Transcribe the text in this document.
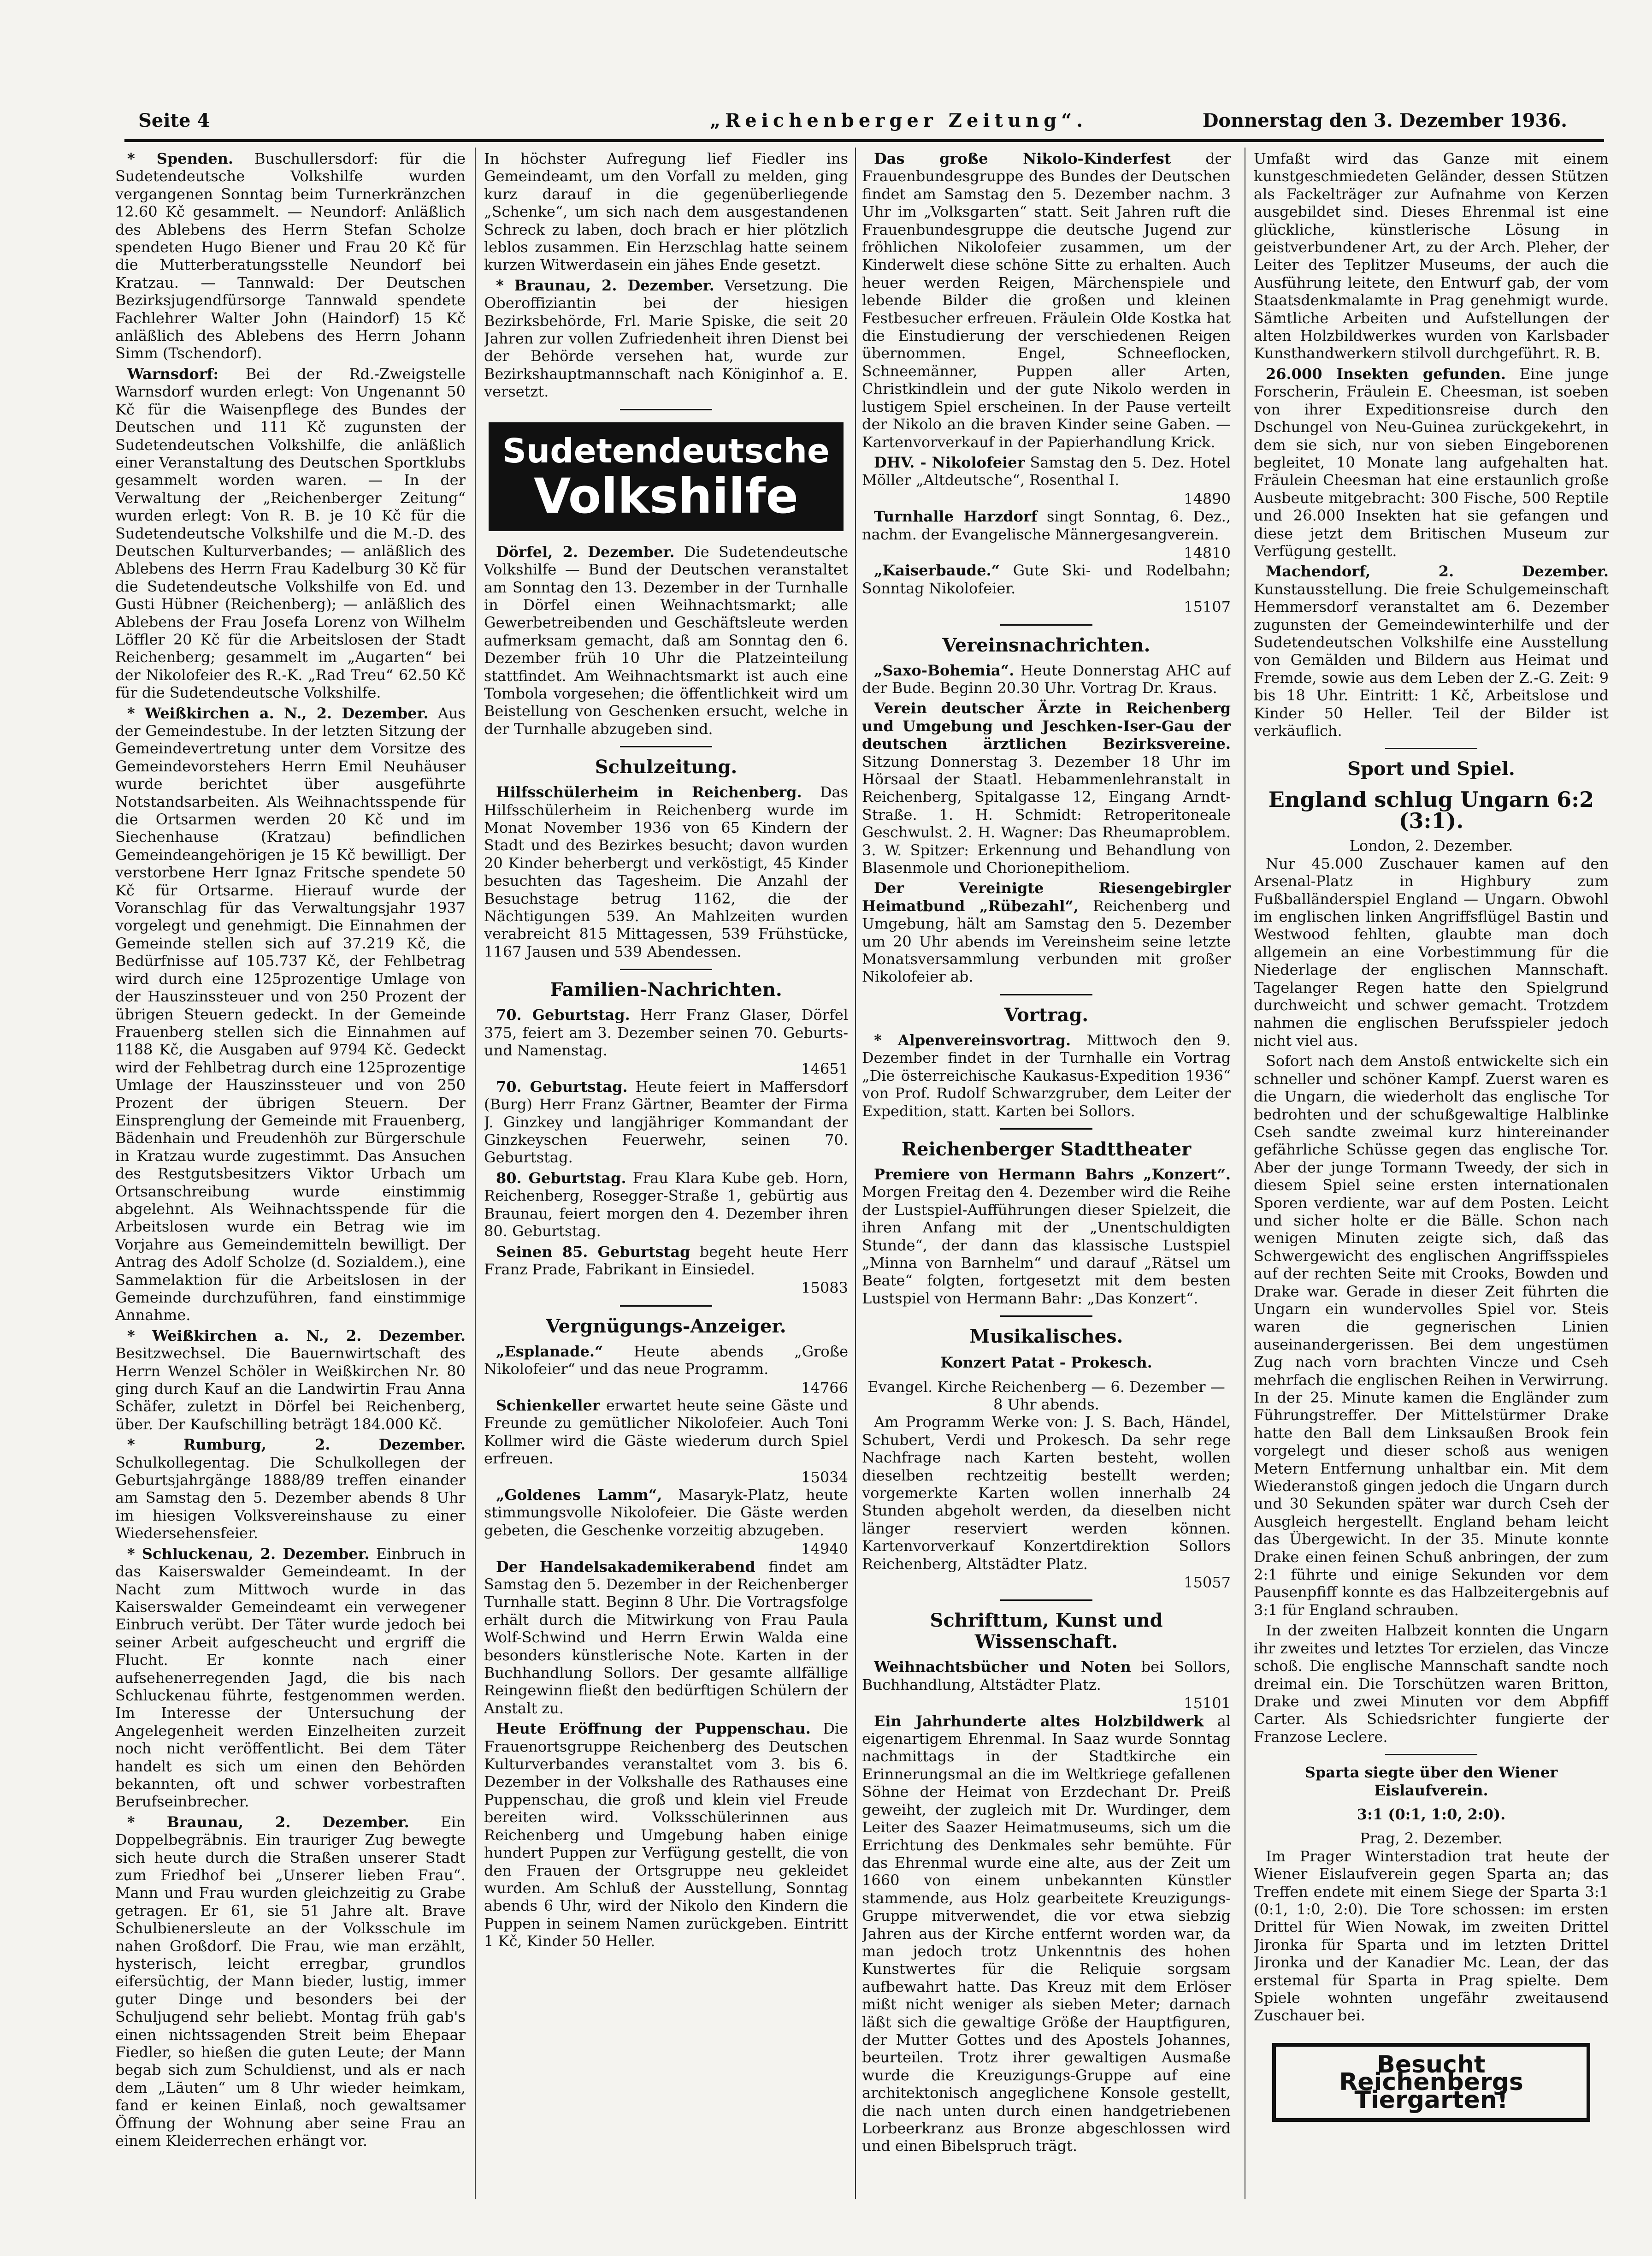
Seite 4	„Reichenberger Zeitung“.	Donnerstag den 3. Dezember 1936.

* Spenden. Buschullersdorf: für die Sudetendeutsche Volkshilfe wurden vergangenen Sonntag beim Turnerkränzchen 12.60 Kč gesammelt. — Neundorf: Anläßlich des Ablebens des Herrn Stefan Scholze spendeten Hugo Biener und Frau 20 Kč für die Mutterberatungsstelle Neundorf bei Kratzau. — Tannwald: Der Deutschen Bezirksjugendfürsorge Tannwald spendete Fachlehrer Walter John (Haindorf) 15 Kč anläßlich des Ablebens des Herrn Johann Simm (Tschendorf).

Warnsdorf: Bei der Rd.-Zweigstelle Warnsdorf wurden erlegt: Von Ungenannt 50 Kč für die Waisenpflege des Bundes der Deutschen und 111 Kč zugunsten der Sudetendeutschen Volkshilfe, die anläßlich einer Veranstaltung des Deutschen Sportklubs gesammelt worden waren. — In der Verwaltung der „Reichenberger Zeitung“ wurden erlegt: Von R. B. je 10 Kč für die Sudetendeutsche Volkshilfe und die M.-D. des Deutschen Kulturverbandes; — anläßlich des Ablebens des Herrn Frau Kadelburg 30 Kč für die Sudetendeutsche Volkshilfe von Ed. und Gusti Hübner (Reichenberg); — anläßlich des Ablebens der Frau Josefa Lorenz von Wilhelm Löffler 20 Kč für die Arbeitslosen der Stadt Reichenberg; gesammelt im „Augarten“ bei der Nikolofeier des R.-K. „Rad Treu“ 62.50 Kč für die Sudetendeutsche Volkshilfe.

* Weißkirchen a. N., 2. Dezember. Aus der Gemeindestube. In der letzten Sitzung der Gemeindevertretung unter dem Vorsitze des Gemeindevorstehers Herrn Emil Neuhäuser wurde berichtet über ausgeführte Notstandsarbeiten. Als Weihnachtsspende für die Ortsarmen werden 20 Kč und im Siechenhause (Kratzau) befindlichen Gemeindeangehörigen je 15 Kč bewilligt. Der verstorbene Herr Ignaz Fritsche spendete 50 Kč für Ortsarme. Hierauf wurde der Voranschlag für das Verwaltungsjahr 1937 vorgelegt und genehmigt. Die Einnahmen der Gemeinde stellen sich auf 37.219 Kč, die Bedürfnisse auf 105.737 Kč, der Fehlbetrag wird durch eine 125prozentige Umlage von der Hauszinssteuer und von 250 Prozent der übrigen Steuern gedeckt. In der Gemeinde Frauenberg stellen sich die Einnahmen auf 1188 Kč, die Ausgaben auf 9794 Kč. Gedeckt wird der Fehlbetrag durch eine 125prozentige Umlage der Hauszinssteuer und von 250 Prozent der übrigen Steuern. Der Einsprenglung der Gemeinde mit Frauenberg, Bädenhain und Freudenhöh zur Bürgerschule in Kratzau wurde zugestimmt. Das Ansuchen des Restgutsbesitzers Viktor Urbach um Ortsanschreibung wurde einstimmig abgelehnt. Als Weihnachtsspende für die Arbeitslosen wurde ein Betrag wie im Vorjahre aus Gemeindemitteln bewilligt. Der Antrag des Adolf Scholze (d. Sozialdem.), eine Sammelaktion für die Arbeitslosen in der Gemeinde durchzuführen, fand einstimmige Annahme.

* Weißkirchen a. N., 2. Dezember. Besitzwechsel. Die Bauernwirtschaft des Herrn Wenzel Schöler in Weißkirchen Nr. 80 ging durch Kauf an die Landwirtin Frau Anna Schäfer, zuletzt in Dörfel bei Reichenberg, über. Der Kaufschilling beträgt 184.000 Kč.

* Rumburg, 2. Dezember. Schulkollegentag. Die Schulkollegen der Geburtsjahrgänge 1888/89 treffen einander am Samstag den 5. Dezember abends 8 Uhr im hiesigen Volksvereinshause zu einer Wiedersehensfeier.

* Schluckenau, 2. Dezember. Einbruch in das Kaiserswalder Gemeindeamt. In der Nacht zum Mittwoch wurde in das Kaiserswalder Gemeindeamt ein verwegener Einbruch verübt. Der Täter wurde jedoch bei seiner Arbeit aufgescheucht und ergriff die Flucht. Er konnte nach einer aufsehenerregenden Jagd, die bis nach Schluckenau führte, festgenommen werden. Im Interesse der Untersuchung der Angelegenheit werden Einzelheiten zurzeit noch nicht veröffentlicht. Bei dem Täter handelt es sich um einen den Behörden bekannten, oft und schwer vorbestraften Berufseinbrecher.

* Braunau, 2. Dezember. Ein Doppelbegräbnis. Ein trauriger Zug bewegte sich heute durch die Straßen unserer Stadt zum Friedhof bei „Unserer lieben Frau“. Mann und Frau wurden gleichzeitig zu Grabe getragen. Er 61, sie 51 Jahre alt. Brave Schulbienersleute an der Volksschule im nahen Großdorf. Die Frau, wie man erzählt, hysterisch, leicht erregbar, grundlos eifersüchtig, der Mann bieder, lustig, immer guter Dinge und besonders bei der Schuljugend sehr beliebt. Montag früh gab's einen nichtssagenden Streit beim Ehepaar Fiedler, so hießen die guten Leute; der Mann begab sich zum Schuldienst, und als er nach dem „Läuten“ um 8 Uhr wieder heimkam, fand er keinen Einlaß, noch gewaltsamer Öffnung der Wohnung aber seine Frau an einem Kleiderrechen erhängt vor.

In höchster Aufregung lief Fiedler ins Gemeindeamt, um den Vorfall zu melden, ging kurz darauf in die gegenüberliegende „Schenke“, um sich nach dem ausgestandenen Schreck zu laben, doch brach er hier plötzlich leblos zusammen. Ein Herzschlag hatte seinem kurzen Witwerdasein ein jähes Ende gesetzt.

* Braunau, 2. Dezember. Versetzung. Die Oberoffiziantin bei der hiesigen Bezirksbehörde, Frl. Marie Spiske, die seit 20 Jahren zur vollen Zufriedenheit ihren Dienst bei der Behörde versehen hat, wurde zur Bezirkshauptmannschaft nach Königinhof a. E. versetzt.

Sudetendeutsche
Volkshilfe

Dörfel, 2. Dezember. Die Sudetendeutsche Volkshilfe — Bund der Deutschen veranstaltet am Sonntag den 13. Dezember in der Turnhalle in Dörfel einen Weihnachtsmarkt; alle Gewerbetreibenden und Geschäftsleute werden aufmerksam gemacht, daß am Sonntag den 6. Dezember früh 10 Uhr die Platzeinteilung stattfindet. Am Weihnachtsmarkt ist auch eine Tombola vorgesehen; die öffentlichkeit wird um Beistellung von Geschenken ersucht, welche in der Turnhalle abzugeben sind.

Schulzeitung.

Hilfsschülerheim in Reichenberg. Das Hilfsschülerheim in Reichenberg wurde im Monat November 1936 von 65 Kindern der Stadt und des Bezirkes besucht; davon wurden 20 Kinder beherbergt und verköstigt, 45 Kinder besuchten das Tagesheim. Die Anzahl der Besuchstage betrug 1162, die der Nächtigungen 539. An Mahlzeiten wurden verabreicht 815 Mittagessen, 539 Frühstücke, 1167 Jausen und 539 Abendessen.

Familien-Nachrichten.

70. Geburtstag. Herr Franz Glaser, Dörfel 375, feiert am 3. Dezember seinen 70. Geburts- und Namenstag.

14651

70. Geburtstag. Heute feiert in Maffersdorf (Burg) Herr Franz Gärtner, Beamter der Firma J. Ginzkey und langjähriger Kommandant der Ginzkeyschen Feuerwehr, seinen 70. Geburtstag.

80. Geburtstag. Frau Klara Kube geb. Horn, Reichenberg, Rosegger-Straße 1, gebürtig aus Braunau, feiert morgen den 4. Dezember ihren 80. Geburtstag.

Seinen 85. Geburtstag begeht heute Herr Franz Prade, Fabrikant in Einsiedel.

15083
Vergnügungs-Anzeiger.

„Esplanade.“ Heute abends „Große Nikolofeier“ und das neue Programm.

14766

Schienkeller erwartet heute seine Gäste und Freunde zu gemütlicher Nikolofeier. Auch Toni Kollmer wird die Gäste wiederum durch Spiel erfreuen.

15034

„Goldenes Lamm“, Masaryk-Platz, heute stimmungsvolle Nikolofeier. Die Gäste werden gebeten, die Geschenke vorzeitig abzugeben.

14940

Der Handelsakademikerabend findet am Samstag den 5. Dezember in der Reichenberger Turnhalle statt. Beginn 8 Uhr. Die Vortragsfolge erhält durch die Mitwirkung von Frau Paula Wolf-Schwind und Herrn Erwin Walda eine besonders künstlerische Note. Karten in der Buchhandlung Sollors. Der gesamte allfällige Reingewinn fließt den bedürftigen Schülern der Anstalt zu.

Heute Eröffnung der Puppenschau. Die Frauenortsgruppe Reichenberg des Deutschen Kulturverbandes veranstaltet vom 3. bis 6. Dezember in der Volkshalle des Rathauses eine Puppenschau, die groß und klein viel Freude bereiten wird. Volksschülerinnen aus Reichenberg und Umgebung haben einige hundert Puppen zur Verfügung gestellt, die von den Frauen der Ortsgruppe neu gekleidet wurden. Am Schluß der Ausstellung, Sonntag abends 6 Uhr, wird der Nikolo den Kindern die Puppen in seinem Namen zurückgeben. Eintritt 1 Kč, Kinder 50 Heller.

Das große Nikolo-Kinderfest der Frauenbundesgruppe des Bundes der Deutschen findet am Samstag den 5. Dezember nachm. 3 Uhr im „Volksgarten“ statt. Seit Jahren ruft die Frauenbundesgruppe die deutsche Jugend zur fröhlichen Nikolofeier zusammen, um der Kinderwelt diese schöne Sitte zu erhalten. Auch heuer werden Reigen, Märchenspiele und lebende Bilder die großen und kleinen Festbesucher erfreuen. Fräulein Olde Kostka hat die Einstudierung der verschiedenen Reigen übernommen. Engel, Schneeflocken, Schneemänner, Puppen aller Arten, Christkindlein und der gute Nikolo werden in lustigem Spiel erscheinen. In der Pause verteilt der Nikolo an die braven Kinder seine Gaben. — Kartenvorverkauf in der Papierhandlung Krick.

DHV. - Nikolofeier Samstag den 5. Dez. Hotel Möller „Altdeutsche“, Rosenthal I.

14890

Turnhalle Harzdorf singt Sonntag, 6. Dez., nachm. der Evangelische Männergesangverein.

14810

„Kaiserbaude.“ Gute Ski- und Rodelbahn; Sonntag Nikolofeier.

15107
Vereinsnachrichten.

„Saxo-Bohemia“. Heute Donnerstag AHC auf der Bude. Beginn 20.30 Uhr. Vortrag Dr. Kraus.

Verein deutscher Ärzte in Reichenberg und Umgebung und Jeschken-Iser-Gau der deutschen ärztlichen Bezirksvereine. Sitzung Donnerstag 3. Dezember 18 Uhr im Hörsaal der Staatl. Hebammenlehranstalt in Reichenberg, Spitalgasse 12, Eingang Arndt-Straße. 1. H. Schmidt: Retroperitoneale Geschwulst. 2. H. Wagner: Das Rheumaproblem. 3. W. Spitzer: Erkennung und Behandlung von Blasenmole und Chorionepitheliom.

Der Vereinigte Riesengebirgler Heimatbund „Rübezahl“, Reichenberg und Umgebung, hält am Samstag den 5. Dezember um 20 Uhr abends im Vereinsheim seine letzte Monatsversammlung verbunden mit großer Nikolofeier ab.

Vortrag.

* Alpenvereinsvortrag. Mittwoch den 9. Dezember findet in der Turnhalle ein Vortrag „Die österreichische Kaukasus-Expedition 1936“ von Prof. Rudolf Schwarzgruber, dem Leiter der Expedition, statt. Karten bei Sollors.

Reichenberger Stadttheater

Premiere von Hermann Bahrs „Konzert“. Morgen Freitag den 4. Dezember wird die Reihe der Lustspiel-Aufführungen dieser Spielzeit, die ihren Anfang mit der „Unentschuldigten Stunde“, der dann das klassische Lustspiel „Minna von Barnhelm“ und darauf „Rätsel um Beate“ folgten, fortgesetzt mit dem besten Lustspiel von Hermann Bahr: „Das Konzert“.

Musikalisches.
Konzert Patat - Prokesch.
Evangel. Kirche Reichenberg — 6. Dezember — 8 Uhr abends.

Am Programm Werke von: J. S. Bach, Händel, Schubert, Verdi und Prokesch. Da sehr rege Nachfrage nach Karten besteht, wollen dieselben rechtzeitig bestellt werden; vorgemerkte Karten wollen innerhalb 24 Stunden abgeholt werden, da dieselben nicht länger reserviert werden können. Kartenvorverkauf Konzertdirektion Sollors Reichenberg, Altstädter Platz.

15057
Schrifttum, Kunst und Wissenschaft.

Weihnachtsbücher und Noten bei Sollors, Buchhandlung, Altstädter Platz.

15101

Ein Jahrhunderte altes Holzbildwerk al eigenartigem Ehrenmal. In Saaz wurde Sonntag nachmittags in der Stadtkirche ein Erinnerungsmal an die im Weltkriege gefallenen Söhne der Heimat von Erzdechant Dr. Preiß geweiht, der zugleich mit Dr. Wurdinger, dem Leiter des Saazer Heimatmuseums, sich um die Errichtung des Denkmales sehr bemühte. Für das Ehrenmal wurde eine alte, aus der Zeit um 1660 von einem unbekannten Künstler stammende, aus Holz gearbeitete Kreuzigungs-Gruppe mitverwendet, die vor etwa siebzig Jahren aus der Kirche entfernt worden war, da man jedoch trotz Unkenntnis des hohen Kunstwertes für die Reliquie sorgsam aufbewahrt hatte. Das Kreuz mit dem Erlöser mißt nicht weniger als sieben Meter; darnach läßt sich die gewaltige Größe der Hauptfiguren, der Mutter Gottes und des Apostels Johannes, beurteilen. Trotz ihrer gewaltigen Ausmaße wurde die Kreuzigungs-Gruppe auf eine architektonisch angeglichene Konsole gestellt, die nach unten durch einen handgetriebenen Lorbeerkranz aus Bronze abgeschlossen wird und einen Bibelspruch trägt.

Umfaßt wird das Ganze mit einem kunstgeschmiedeten Geländer, dessen Stützen als Fackelträger zur Aufnahme von Kerzen ausgebildet sind. Dieses Ehrenmal ist eine glückliche, künstlerische Lösung in geistverbundener Art, zu der Arch. Pleher, der Leiter des Teplitzer Museums, der auch die Ausführung leitete, den Entwurf gab, der vom Staatsdenkmalamte in Prag genehmigt wurde. Sämtliche Arbeiten und Aufstellungen der alten Holzbildwerkes wurden von Karlsbader Kunsthandwerkern stilvoll durchgeführt. R. B.

26.000 Insekten gefunden. Eine junge Forscherin, Fräulein E. Cheesman, ist soeben von ihrer Expeditionsreise durch den Dschungel von Neu-Guinea zurückgekehrt, in dem sie sich, nur von sieben Eingeborenen begleitet, 10 Monate lang aufgehalten hat. Fräulein Cheesman hat eine erstaunlich große Ausbeute mitgebracht: 300 Fische, 500 Reptile und 26.000 Insekten hat sie gefangen und diese jetzt dem Britischen Museum zur Verfügung gestellt.

Machendorf, 2. Dezember. Kunstausstellung. Die freie Schulgemeinschaft Hemmersdorf veranstaltet am 6. Dezember zugunsten der Gemeindewinterhilfe und der Sudetendeutschen Volkshilfe eine Ausstellung von Gemälden und Bildern aus Heimat und Fremde, sowie aus dem Leben der Z.-G. Zeit: 9 bis 18 Uhr. Eintritt: 1 Kč, Arbeitslose und Kinder 50 Heller. Teil der Bilder ist verkäuflich.

Sport und Spiel.
England schlug Ungarn 6:2 (3:1).
London, 2. Dezember.

Nur 45.000 Zuschauer kamen auf den Arsenal-Platz in Highbury zum Fußballänderspiel England — Ungarn. Obwohl im englischen linken Angriffsflügel Bastin und Westwood fehlten, glaubte man doch allgemein an eine Vorbestimmung für die Niederlage der englischen Mannschaft. Tagelanger Regen hatte den Spielgrund durchweicht und schwer gemacht. Trotzdem nahmen die englischen Berufsspieler jedoch nicht viel aus.

Sofort nach dem Anstoß entwickelte sich ein schneller und schöner Kampf. Zuerst waren es die Ungarn, die wiederholt das englische Tor bedrohten und der schußgewaltige Halblinke Cseh sandte zweimal kurz hintereinander gefährliche Schüsse gegen das englische Tor. Aber der junge Tormann Tweedy, der sich in diesem Spiel seine ersten internationalen Sporen verdiente, war auf dem Posten. Leicht und sicher holte er die Bälle. Schon nach wenigen Minuten zeigte sich, daß das Schwergewicht des englischen Angriffsspieles auf der rechten Seite mit Crooks, Bowden und Drake war. Gerade in dieser Zeit führten die Ungarn ein wundervolles Spiel vor. Steis waren die gegnerischen Linien auseinandergerissen. Bei dem ungestümen Zug nach vorn brachten Vincze und Cseh mehrfach die englischen Reihen in Verwirrung. In der 25. Minute kamen die Engländer zum Führungstreffer. Der Mittelstürmer Drake hatte den Ball dem Linksaußen Brook fein vorgelegt und dieser schoß aus wenigen Metern Entfernung unhaltbar ein. Mit dem Wiederanstoß gingen jedoch die Ungarn durch und 30 Sekunden später war durch Cseh der Ausgleich hergestellt. England beham leicht das Übergewicht. In der 35. Minute konnte Drake einen feinen Schuß anbringen, der zum 2:1 führte und einige Sekunden vor dem Pausenpfiff konnte es das Halbzeitergebnis auf 3:1 für England schrauben.

In der zweiten Halbzeit konnten die Ungarn ihr zweites und letztes Tor erzielen, das Vincze schoß. Die englische Mannschaft sandte noch dreimal ein. Die Torschützen waren Britton, Drake und zwei Minuten vor dem Abpfiff Carter. Als Schiedsrichter fungierte der Franzose Leclere.

Sparta siegte über den Wiener Eislaufverein.
3:1 (0:1, 1:0, 2:0).
Prag, 2. Dezember.

Im Prager Winterstadion trat heute der Wiener Eislaufverein gegen Sparta an; das Treffen endete mit einem Siege der Sparta 3:1 (0:1, 1:0, 2:0). Die Tore schossen: im ersten Drittel für Wien Nowak, im zweiten Drittel Jironka für Sparta und im letzten Drittel Jironka und der Kanadier Mc. Lean, der das erstemal für Sparta in Prag spielte. Dem Spiele wohnten ungefähr zweitausend Zuschauer bei.

Besucht Reichenbergs Tiergarten!
